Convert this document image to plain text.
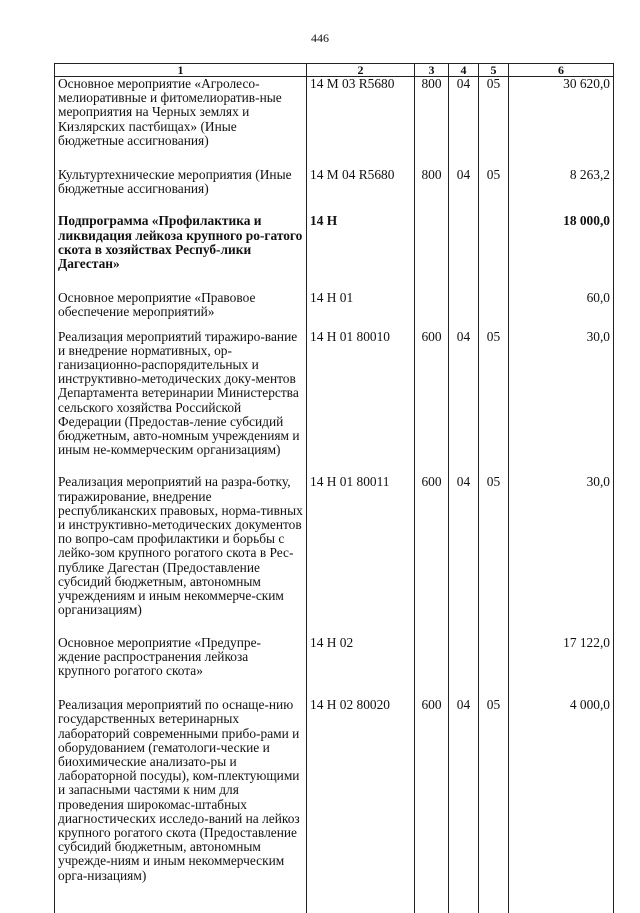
446
1	2	3	4	5	6
Основное мероприятие «Агролесо-мелиоративные и фитомелиоратив-ные мероприятия на Черных землях и Кизлярских пастбищах» (Иные бюджетные ассигнования)	14 М 03 R5680	800	04	05	30 620,0
Культуртехнические мероприятия (Иные бюджетные ассигнования)	14 М 04 R5680	800	04	05	8 263,2
Подпрограмма «Профилактика и ликвидация лейкоза крупного ро-гатого скота в хозяйствах Респуб-лики Дагестан»	14 Н				18 000,0
Основное мероприятие «Правовое обеспечение мероприятий»	14 Н 01				60,0
Реализация мероприятий тиражиро-вание и внедрение нормативных, ор-ганизационно-распорядительных и инструктивно-методических доку-ментов Департамента ветеринарии Министерства сельского хозяйства Российской Федерации (Предостав-ление субсидий бюджетным, авто-номным учреждениям и иным не-коммерческим организациям)	14 Н 01 80010	600	04	05	30,0
Реализация мероприятий на разра-ботку, тиражирование, внедрение республиканских правовых, норма-тивных и инструктивно-методических документов по вопро-сам профилактики и борьбы с лейко-зом крупного рогатого скота в Рес-публике Дагестан (Предоставление субсидий бюджетным, автономным учреждениям и иным некоммерче-ским организациям)	14 Н 01 80011	600	04	05	30,0
Основное мероприятие «Предупре-ждение распространения лейкоза крупного рогатого скота»	14 Н 02				17 122,0
Реализация мероприятий по оснаще-нию государственных ветеринарных лабораторий современными прибо-рами и оборудованием (гематологи-ческие и биохимические анализато-ры и лабораторной посуды), ком-плектующими и запасными частями к ним для проведения широкомас-штабных диагностических исследо-ваний на лейкоз крупного рогатого скота (Предоставление субсидий бюджетным, автономным учрежде-ниям и иным некоммерческим орга-низациям)	14 Н 02 80020	600	04	05	4 000,0
